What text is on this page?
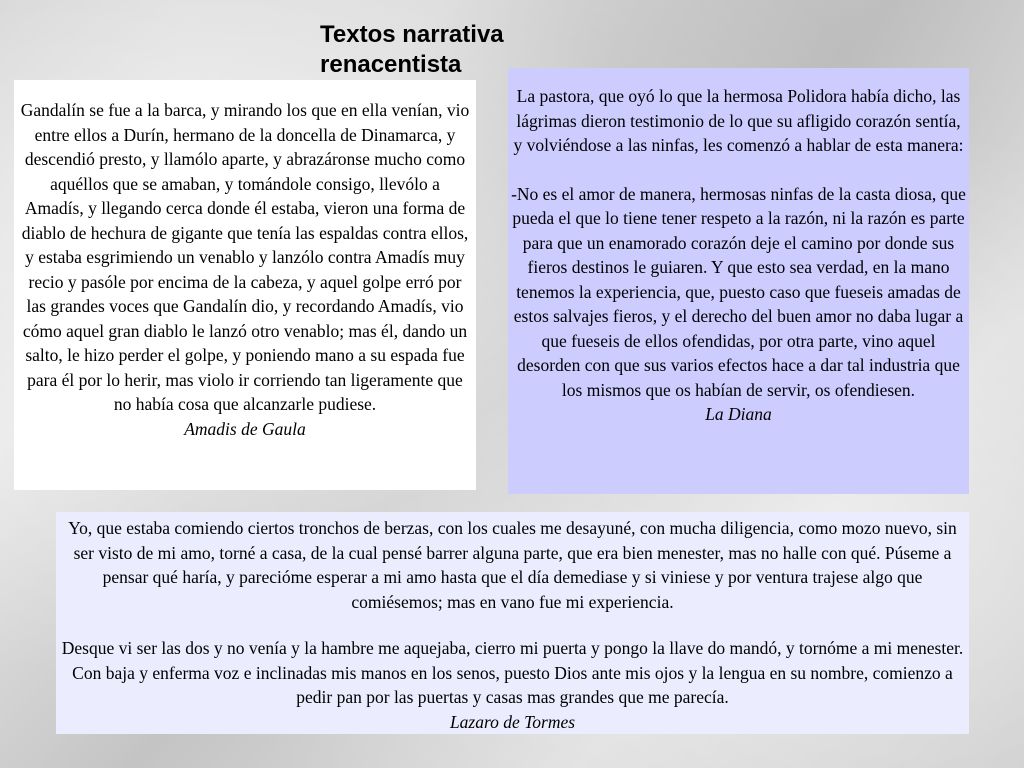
Textos narrativa
renacentista

Gandalín se fue a la barca, y mirando los que en ella venían, vio entre ellos a Durín, hermano de la doncella de Dinamarca, y descendió presto, y llamólo aparte, y abrazáronse mucho como aquéllos que se amaban, y tomándole consigo, llevólo a Amadís, y llegando cerca donde él estaba, vieron una forma de diablo de hechura de gigante que tenía las espaldas contra ellos, y estaba esgrimiendo un venablo y lanzólo contra Amadís muy recio y pasóle por encima de la cabeza, y aquel golpe erró por las grandes voces que Gandalín dio, y recordando Amadís, vio cómo aquel gran diablo le lanzó otro venablo; mas él, dando un salto, le hizo perder el golpe, y poniendo mano a su espada fue para él por lo herir, mas violo ir corriendo tan ligeramente que no había cosa que alcanzarle pudiese.

Amadis de Gaula

La pastora, que oyó lo que la hermosa Polidora había dicho, las lágrimas dieron testimonio de lo que su afligido corazón sentía, y volviéndose a las ninfas, les comenzó a hablar de esta manera:

-No es el amor de manera, hermosas ninfas de la casta diosa, que pueda el que lo tiene tener respeto a la razón, ni la razón es parte para que un enamorado corazón deje el camino por donde sus fieros destinos le guiaren. Y que esto sea verdad, en la mano tenemos la experiencia, que, puesto caso que fueseis amadas de estos salvajes fieros, y el derecho del buen amor no daba lugar a que fueseis de ellos ofendidas, por otra parte, vino aquel desorden con que sus varios efectos hace a dar tal industria que los mismos que os habían de servir, os ofendiesen.

La Diana

Yo, que estaba comiendo ciertos tronchos de berzas, con los cuales me desayuné, con mucha diligencia, como mozo nuevo, sin ser visto de mi amo, torné a casa, de la cual pensé barrer alguna parte, que era bien menester, mas no halle con qué. Púseme a pensar qué haría, y parecióme esperar a mi amo hasta que el día demediase y si viniese y por ventura trajese algo que comiésemos; mas en vano fue mi experiencia.

Desque vi ser las dos y no venía y la hambre me aquejaba, cierro mi puerta y pongo la llave do mandó, y tornóme a mi menester. Con baja y enferma voz e inclinadas mis manos en los senos, puesto Dios ante mis ojos y la lengua en su nombre, comienzo a pedir pan por las puertas y casas mas grandes que me parecía.

Lazaro de Tormes
